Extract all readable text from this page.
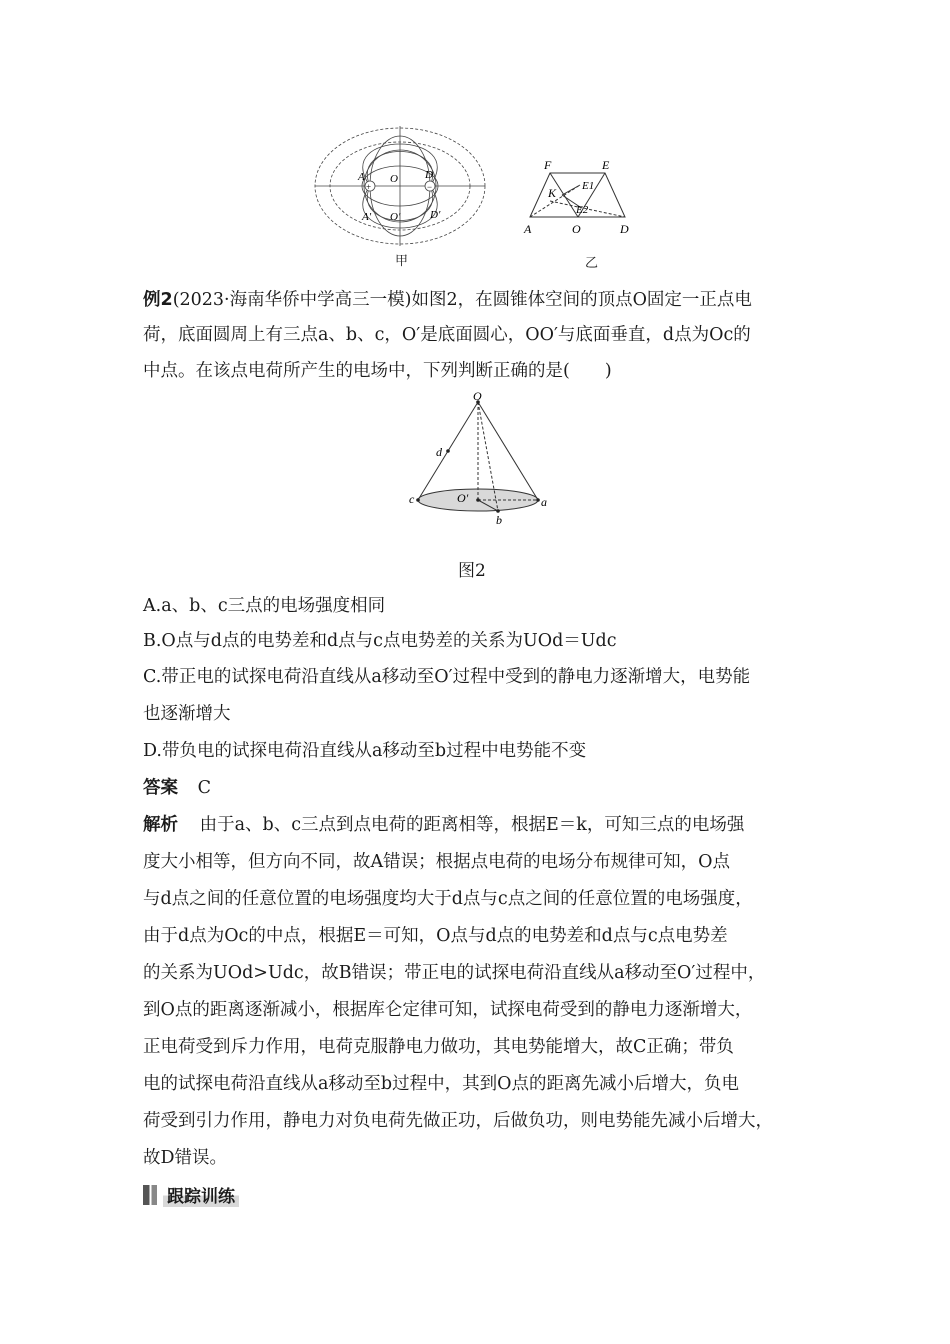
+	−
A O D
A′ O′	D′
甲
F	E
K E1
E2
A	O	D
乙
例2(2023·海南华侨中学高三一模)如图2，在圆锥体空间的顶点O固定一正点电
荷，底面圆周上有三点a、b、c，O′是底面圆心，OO′与底面垂直，d点为Oc的
中点。在该点电荷所产生的电场中，下列判断正确的是(　　)
O
d
c	O′
b
a
图2
A.a、b、c三点的电场强度相同
B.O点与d点的电势差和d点与c点电势差的关系为UOd＝Udc
C.带正电的试探电荷沿直线从a移动至O′过程中受到的静电力逐渐增大，电势能
也逐渐增大
D.带负电的试探电荷沿直线从a移动至b过程中电势能不变
答案 C
解析 由于a、b、c三点到点电荷的距离相等，根据E＝k，可知三点的电场强
度大小相等，但方向不同，故A错误；根据点电荷的电场分布规律可知，O点
与d点之间的任意位置的电场强度均大于d点与c点之间的任意位置的电场强度，
由于d点为Oc的中点，根据E＝可知，O点与d点的电势差和d点与c点电势差
的关系为UOd>Udc，故B错误；带正电的试探电荷沿直线从a移动至O′过程中，
到O点的距离逐渐减小，根据库仑定律可知，试探电荷受到的静电力逐渐增大，
正电荷受到斥力作用，电荷克服静电力做功，其电势能增大，故C正确；带负
电的试探电荷沿直线从a移动至b过程中，其到O点的距离先减小后增大，负电
荷受到引力作用，静电力对负电荷先做正功，后做负功，则电势能先减小后增大，
故D错误。
跟踪训练
